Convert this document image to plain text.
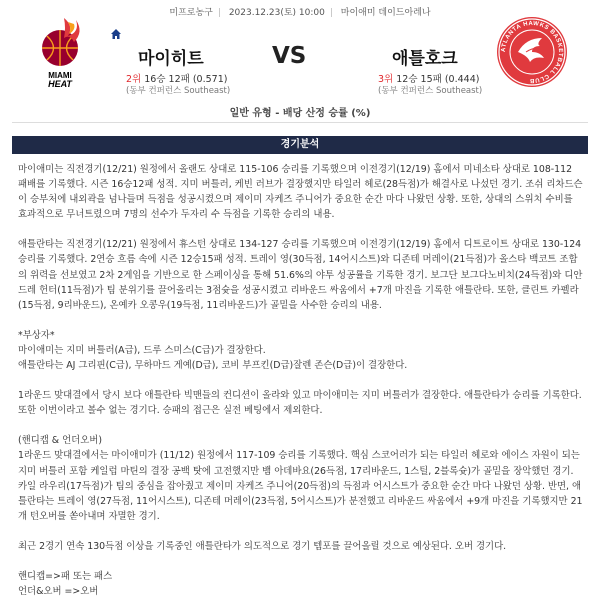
미프로농구 | 2023.12.23(토) 10:00 | 마이애미 데이드아레나
MIAMI
HEAT
마이히트	VS	애틀호크
2위 16승 12패 (0.571)
(동부 컨퍼런스 Southeast)
3위 12승 15패 (0.444)
(동부 컨퍼런스 Southeast)
ATLANTA HAWKS BASKETBALL CLUB
일반 유형 - 배당 산정 승률 (%)
경기분석

마이애미는 직전경기(12/21) 원정에서 올랜도 상대로 115-106 승리를 기록했으며 이전경기(12/19) 홈에서 미네소타 상대로 108-112 패배를 기록했다. 시즌 16승12패 성적. 지미 버틀러, 케빈 러브가 결장했지만 타일러 헤로(28득점)가 해결사로 나섰던 경기. 조쉬 리차드슨이 승부처에 내외곽을 넘나들며 득점을 성공시켰으며 제이미 자케즈 주니어가 중요한 순간 마다 나왔던 상황. 또한, 상대의 스위치 수비를 효과적으로 무너트렸으며 7명의 선수가 두자리 수 득점을 기록한 승리의 내용.

애틀란타는 직전경기(12/21) 원정에서 휴스턴 상대로 134-127 승리를 기록했으며 이전경기(12/19) 홈에서 디트로이트 상대로 130-124 승리를 기록했다. 2연승 흐름 속에 시즌 12승15패 성적. 트레이 영(30득점, 14어시스트)와 디존테 머레이(21득점)가 올스타 백코트 조합의 위력을 선보였고 2차 2게임을 기반으로 한 스페이싱을 통해 51.6%의 야투 성공률을 기록한 경기. 보그단 보그다노비치(24득점)와 디안드레 헌터(11득점)가 팀 분위기를 끌어올리는 3점슛을 성공시켰고 리바운드 싸움에서 +7개 마진을 기록한 애틀란타. 또한, 클린트 카펠라(15득점, 9리바운드), 온예카 오콩우(19득점, 11리바운드)가 골밑을 사수한 승리의 내용.

*부상자*

마이애미는 지미 버틀러(A급), 드루 스미스(C급)가 결장한다.

애틀란타는 AJ 그리핀(C급), 무하마드 게예(D급), 코비 부프킨(D급)잘렌 존슨(D급)이 결장한다.

1라운드 맞대결에서 당시 보다 애틀란타 빅맨들의 컨디션이 올라와 있고 마이애미는 지미 버틀러가 결장한다. 애틀란타가 승리를 기록한다. 또한 이번이라고 볼수 없는 경기다. 승패의 접근은 실전 베팅에서 제외한다.

(핸디캡 & 언더오버)

1라운드 맞대결에서는 마이애미가 (11/12) 원정에서 117-109 승리를 기록했다. 핵심 스코어러가 되는 타일러 헤로와 에이스 자원이 되는 지미 버틀러 포함 케일럽 마틴의 결장 공백 탓에 고전했지만 뱀 아데바요(26득점, 17리바운드, 1스틸, 2블록슛)가 골밑을 장악했던 경기. 카일 라우리(17득점)가 팀의 중심을 잡아줬고 제이미 자케즈 주니어(20득점)의 득점과 어시스트가 중요한 순간 마다 나왔던 상황. 반면, 애틀란타는 트레이 영(27득점, 11어시스트), 디존테 머레이(23득점, 5어시스트)가 분전했고 리바운드 싸움에서 +9개 마진을 기록했지만 21개 턴오버를 쏟아내며 자멸한 경기.

최근 2경기 연속 130득점 이상을 기록중인 애틀란타가 의도적으로 경기 템포를 끌어올릴 것으로 예상된다. 오버 경기다.

핸디캡=>패 또는 패스

언더&오버 =>오버
